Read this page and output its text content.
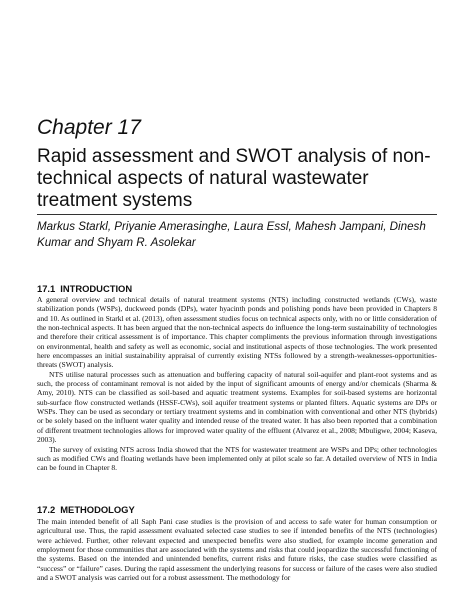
Chapter 17
Rapid assessment and SWOT analysis of non-technical aspects of natural wastewater treatment systems
Markus Starkl, Priyanie Amerasinghe, Laura Essl, Mahesh Jampani, Dinesh Kumar and Shyam R. Asolekar
17.1 INTRODUCTION

A general overview and technical details of natural treatment systems (NTS) including constructed wetlands (CWs), waste stabilization ponds (WSPs), duckweed ponds (DPs), water hyacinth ponds and polishing ponds have been provided in Chapters 8 and 10. As outlined in Starkl et al. (2013), often assessment studies focus on technical aspects only, with no or little consideration of the non-technical aspects. It has been argued that the non-technical aspects do influence the long-term sustainability of technologies and therefore their critical assessment is of importance. This chapter compliments the previous information through investigations on environmental, health and safety as well as economic, social and institutional aspects of those technologies. The work presented here encompasses an initial sustainability appraisal of currently existing NTSs followed by a strength-weaknesses-opportunities-threats (SWOT) analysis.

NTS utilise natural processes such as attenuation and buffering capacity of natural soil-aquifer and plant-root systems and as such, the process of contaminant removal is not aided by the input of significant amounts of energy and/or chemicals (Sharma & Amy, 2010). NTS can be classified as soil-based and aquatic treatment systems. Examples for soil-based systems are horizontal sub-surface flow constructed wetlands (HSSF-CWs), soil aquifer treatment systems or planted filters. Aquatic systems are DPs or WSPs. They can be used as secondary or tertiary treatment systems and in combination with conventional and other NTS (hybrids) or be solely based on the influent water quality and intended reuse of the treated water. It has also been reported that a combination of different treatment technologies allows for improved water quality of the effluent (Alvarez et al., 2008; Mbuligwe, 2004; Kaseva, 2003).

The survey of existing NTS across India showed that the NTS for wastewater treatment are WSPs and DPs; other technologies such as modified CWs and floating wetlands have been implemented only at pilot scale so far. A detailed overview of NTS in India can be found in Chapter 8.

17.2 METHODOLOGY

The main intended benefit of all Saph Pani case studies is the provision of and access to safe water for human consumption or agricultural use. Thus, the rapid assessment evaluated selected case studies to see if intended benefits of the NTS (technologies) were achieved. Further, other relevant expected and unexpected benefits were also studied, for example income generation and employment for those communities that are associated with the systems and risks that could jeopardize the successful functioning of the systems. Based on the intended and unintended benefits, current risks and future risks, the case studies were classified as “success” or “failure” cases. During the rapid assessment the underlying reasons for success or failure of the cases were also studied and a SWOT analysis was carried out for a robust assessment. The methodology for
